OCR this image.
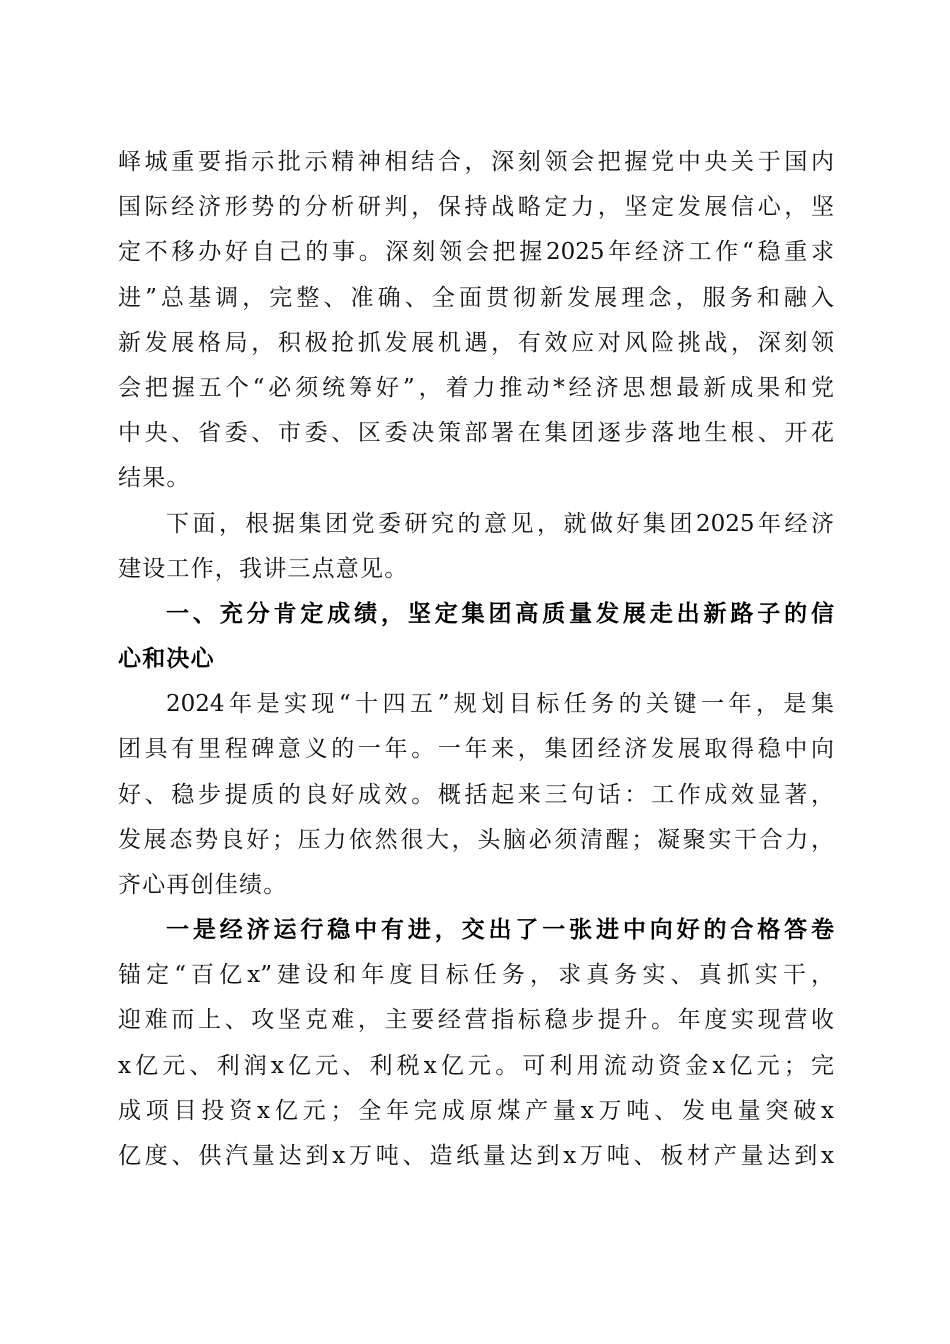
峄城重要指示批示精神相结合，深刻领会把握党中央关于国内
国际经济形势的分析研判，保持战略定力，坚定发展信心，坚
定不移办好自己的事。深刻领会把握2025年经济工作“稳重求
进”总基调，完整、准确、全面贯彻新发展理念，服务和融入
新发展格局，积极抢抓发展机遇，有效应对风险挑战，深刻领
会把握五个“必须统筹好”，着力推动*经济思想最新成果和党
中央、省委、市委、区委决策部署在集团逐步落地生根、开花
结果。
下面，根据集团党委研究的意见，就做好集团2025年经济
建设工作，我讲三点意见。
一、充分肯定成绩，坚定集团高质量发展走出新路子的信
心和决心
2024年是实现“十四五”规划目标任务的关键一年，是集
团具有里程碑意义的一年。一年来，集团经济发展取得稳中向
好、稳步提质的良好成效。概括起来三句话：工作成效显著，
发展态势良好；压力依然很大，头脑必须清醒；凝聚实干合力，
齐心再创佳绩。
一是经济运行稳中有进，交出了一张进中向好的合格答卷
锚定“百亿x”建设和年度目标任务，求真务实、真抓实干，
迎难而上、攻坚克难，主要经营指标稳步提升。年度实现营收
x亿元、利润x亿元、利税x亿元。可利用流动资金x亿元；完
成项目投资x亿元；全年完成原煤产量x万吨、发电量突破x
亿度、供汽量达到x万吨、造纸量达到x万吨、板材产量达到x
